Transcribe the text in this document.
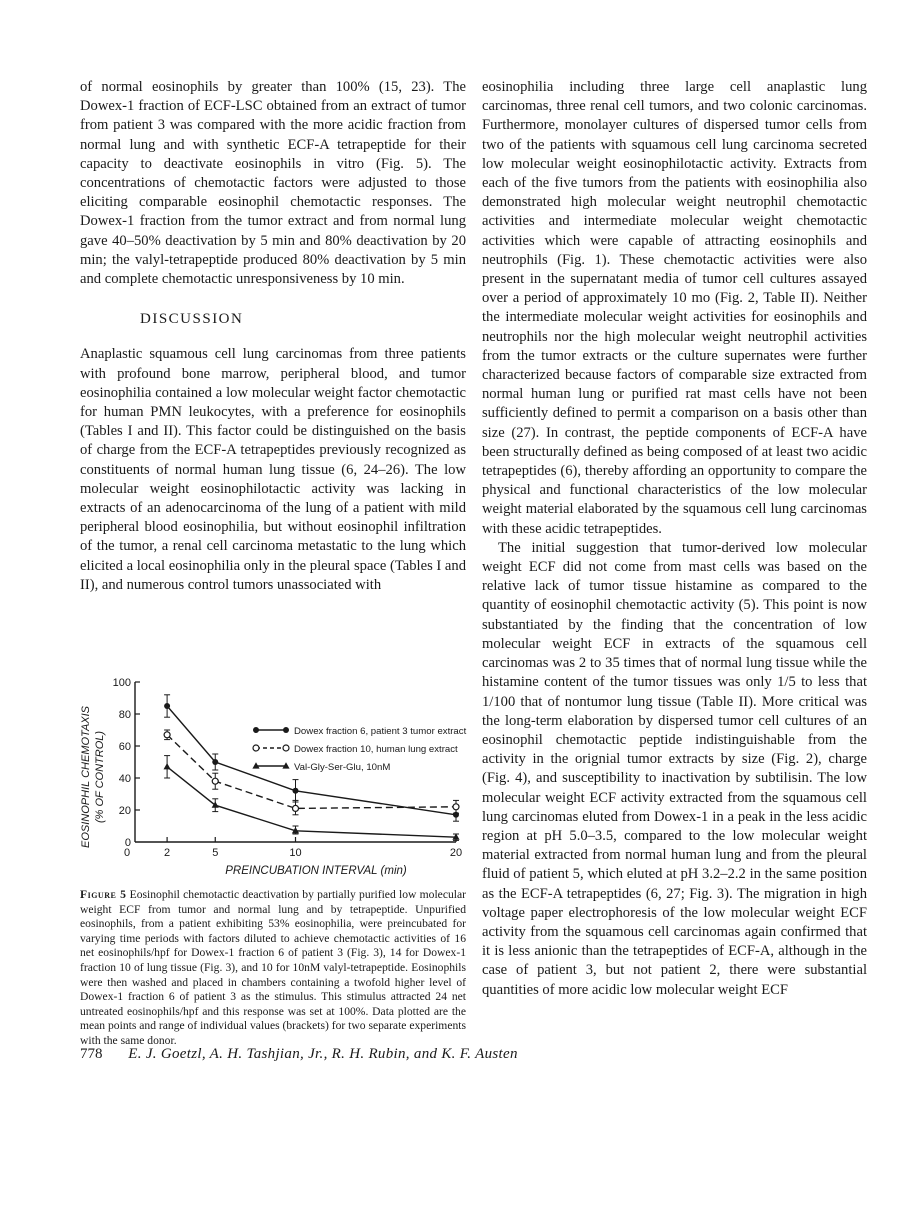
of normal eosinophils by greater than 100% (15, 23). The Dowex-1 fraction of ECF-LSC obtained from an extract of tumor from patient 3 was compared with the more acidic fraction from normal lung and with synthetic ECF-A tetrapeptide for their capacity to deactivate eosinophils in vitro (Fig. 5). The concentrations of chemotactic factors were adjusted to those eliciting comparable eosinophil chemotactic responses. The Dowex-1 fraction from the tumor extract and from normal lung gave 40–50% deactivation by 5 min and 80% deactivation by 20 min; the valyl-tetrapeptide produced 80% deactivation by 5 min and complete chemotactic unresponsiveness by 10 min.

DISCUSSION

Anaplastic squamous cell lung carcinomas from three patients with profound bone marrow, peripheral blood, and tumor eosinophilia contained a low molecular weight factor chemotactic for human PMN leukocytes, with a preference for eosinophils (Tables I and II). This factor could be distinguished on the basis of charge from the ECF-A tetrapeptides previously recognized as constituents of normal human lung tissue (6, 24–26). The low molecular weight eosinophilotactic activity was lacking in extracts of an adenocarcinoma of the lung of a patient with mild peripheral blood eosinophilia, but without eosinophil infiltration of the tumor, a renal cell carcinoma metastatic to the lung which elicited a local eosinophilia only in the pleural space (Tables I and II), and numerous control tumors unassociated with

eosinophilia including three large cell anaplastic lung carcinomas, three renal cell tumors, and two colonic carcinomas. Furthermore, monolayer cultures of dispersed tumor cells from two of the patients with squamous cell lung carcinoma secreted low molecular weight eosinophilotactic activity. Extracts from each of the five tumors from the patients with eosinophilia also demonstrated high molecular weight neutrophil chemotactic activities and intermediate molecular weight chemotactic activities which were capable of attracting eosinophils and neutrophils (Fig. 1). These chemotactic activities were also present in the supernatant media of tumor cell cultures assayed over a period of approximately 10 mo (Fig. 2, Table II). Neither the intermediate molecular weight activities for eosinophils and neutrophils nor the high molecular weight neutrophil activities from the tumor extracts or the culture supernates were further characterized because factors of comparable size extracted from normal human lung or purified rat mast cells have not been sufficiently defined to permit a comparison on a basis other than size (27). In contrast, the peptide components of ECF-A have been structurally defined as being composed of at least two acidic tetrapeptides (6), thereby affording an opportunity to compare the physical and functional characteristics of the low molecular weight material elaborated by the squamous cell lung carcinomas with these acidic tetrapeptides.

The initial suggestion that tumor-derived low molecular weight ECF did not come from mast cells was based on the relative lack of tumor tissue histamine as compared to the quantity of eosinophil chemotactic activity (5). This point is now substantiated by the finding that the concentration of low molecular weight ECF in extracts of the squamous cell carcinomas was 2 to 35 times that of normal lung tissue while the histamine content of the tumor tissues was only 1/5 to less that 1/100 that of nontumor lung tissue (Table II). More critical was the long-term elaboration by dispersed tumor cell cultures of an eosinophil chemotactic peptide indistinguishable from the activity in the orignial tumor extracts by size (Fig. 2), charge (Fig. 4), and susceptibility to inactivation by subtilisin. The low molecular weight ECF activity extracted from the squamous cell lung carcinomas eluted from Dowex-1 in a peak in the less acidic region at pH 5.0–3.5, compared to the low molecular weight material extracted from normal human lung and from the pleural fluid of patient 5, which eluted at pH 3.2–2.2 in the same position as the ECF-A tetrapeptides (6, 27; Fig. 3). The migration in high voltage paper electrophoresis of the low molecular weight ECF activity from the squamous cell carcinomas again confirmed that it is less anionic than the tetrapeptides of ECF-A, although in the case of patient 3, but not patient 2, there were substantial quantities of more acidic low molecular weight ECF

0
20
40
60
80
100
0	2	5	10	20
Dowex fraction 6, patient 3 tumor extract
Dowex fraction 10, human lung extract
Val-Gly-Ser-Glu, 10nM
EOSINOPHIL CHEMOTAXIS (% OF CONTROL)
PREINCUBATION INTERVAL (min)
Figure 5 Eosinophil chemotactic deactivation by partially purified low molecular weight ECF from tumor and normal lung and by tetrapeptide. Unpurified eosinophils, from a patient exhibiting 53% eosinophilia, were preincubated for varying time periods with factors diluted to achieve chemotactic activities of 16 net eosinophils/hpf for Dowex-1 fraction 6 of patient 3 (Fig. 3), 14 for Dowex-1 fraction 10 of lung tissue (Fig. 3), and 10 for 10nM valyl-tetrapeptide. Eosinophils were then washed and placed in chambers containing a twofold higher level of Dowex-1 fraction 6 of patient 3 as the stimulus. This stimulus attracted 24 net untreated eosinophils/hpf and this response was set at 100%. Data plotted are the mean points and range of individual values (brackets) for two separate experiments with the same donor.
778 E. J. Goetzl, A. H. Tashjian, Jr., R. H. Rubin, and K. F. Austen
